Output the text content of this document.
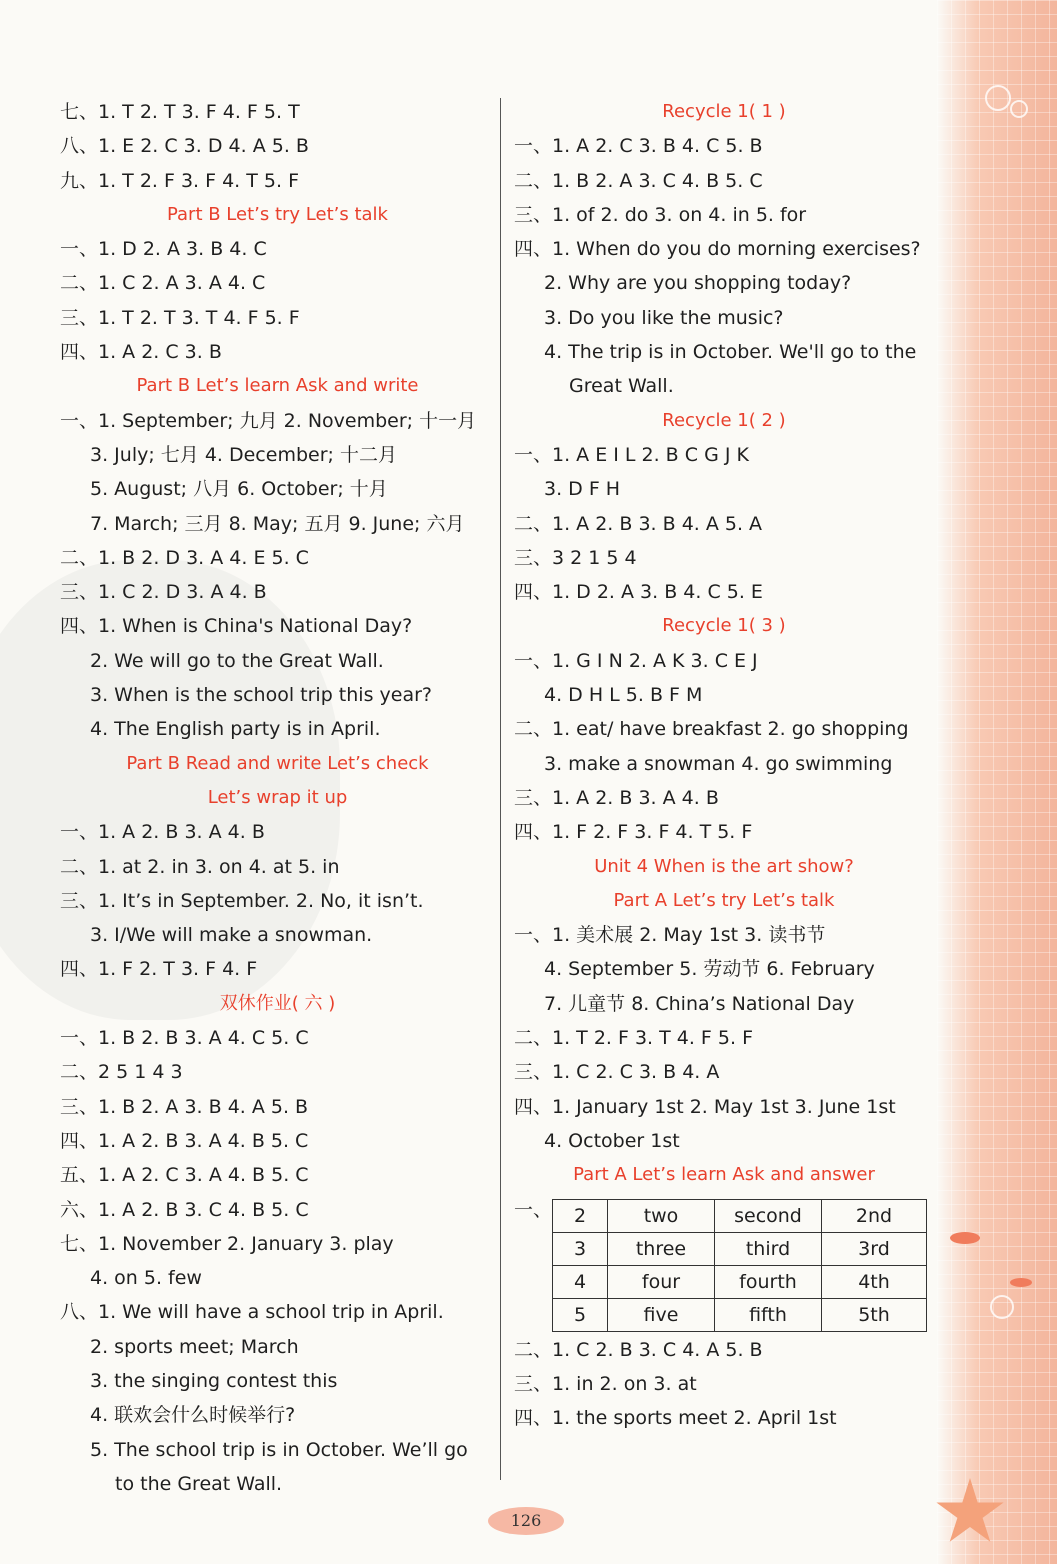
七、1. T 2. T 3. F 4. F 5. T
八、1. E 2. C 3. D 4. A 5. B
九、1. T 2. F 3. F 4. T 5. F
Part B Let’s try Let’s talk
一、1. D 2. A 3. B 4. C
二、1. C 2. A 3. A 4. C
三、1. T 2. T 3. T 4. F 5. F
四、1. A 2. C 3. B
Part B Let’s learn Ask and write
一、1. September; 九月 2. November; 十一月
3. July; 七月 4. December; 十二月
5. August; 八月 6. October; 十月
7. March; 三月 8. May; 五月 9. June; 六月
二、1. B 2. D 3. A 4. E 5. C
三、1. C 2. D 3. A 4. B
四、1. When is China's National Day?
2. We will go to the Great Wall.
3. When is the school trip this year?
4. The English party is in April.
Part B Read and write Let’s check
Let’s wrap it up
一、1. A 2. B 3. A 4. B
二、1. at 2. in 3. on 4. at 5. in
三、1. It’s in September. 2. No, it isn’t.
3. I/We will make a snowman.
四、1. F 2. T 3. F 4. F
双休作业( 六 )
一、1. B 2. B 3. A 4. C 5. C
二、2 5 1 4 3
三、1. B 2. A 3. B 4. A 5. B
四、1. A 2. B 3. A 4. B 5. C
五、1. A 2. C 3. A 4. B 5. C
六、1. A 2. B 3. C 4. B 5. C
七、1. November 2. January 3. play
4. on 5. few
八、1. We will have a school trip in April.
2. sports meet; March
3. the singing contest this
4. 联欢会什么时候举行?
5. The school trip is in October. We’ll go
to the Great Wall.
Recycle 1( 1 )
一、1. A 2. C 3. B 4. C 5. B
二、1. B 2. A 3. C 4. B 5. C
三、1. of 2. do 3. on 4. in 5. for
四、1. When do you do morning exercises?
2. Why are you shopping today?
3. Do you like the music?
4. The trip is in October. We'll go to the
Great Wall.
Recycle 1( 2 )
一、1. A E I L 2. B C G J K
3. D F H
二、1. A 2. B 3. B 4. A 5. A
三、3 2 1 5 4
四、1. D 2. A 3. B 4. C 5. E
Recycle 1( 3 )
一、1. G I N 2. A K 3. C E J
4. D H L 5. B F M
二、1. eat/ have breakfast 2. go shopping
3. make a snowman 4. go swimming
三、1. A 2. B 3. A 4. B
四、1. F 2. F 3. F 4. T 5. F
Unit 4 When is the art show?
Part A Let’s try Let’s talk
一、1. 美术展 2. May 1st 3. 读书节
4. September 5. 劳动节 6. February
7. 儿童节 8. China’s National Day
二、1. T 2. F 3. T 4. F 5. F
三、1. C 2. C 3. B 4. A
四、1. January 1st 2. May 1st 3. June 1st
4. October 1st
Part A Let’s learn Ask and answer
一、 2	two	second	2nd
3	three	third	3rd
4	four	fourth	4th
5	five	fifth	5th
二、1. C 2. B 3. C 4. A 5. B
三、1. in 2. on 3. at
四、1. the sports meet 2. April 1st
126
